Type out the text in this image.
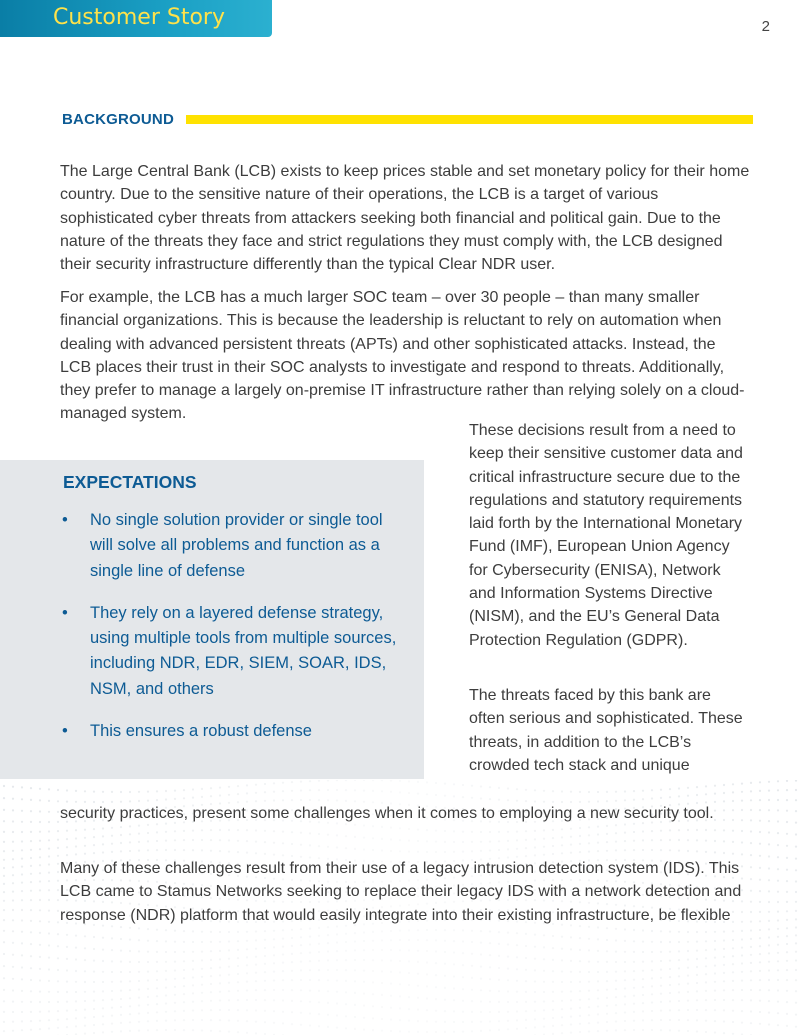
Customer Story	2
BACKGROUND

The Large Central Bank (LCB) exists to keep prices stable and set monetary policy for their home country. Due to the sensitive nature of their operations, the LCB is a target of various sophisticated cyber threats from attackers seeking both financial and political gain. Due to the nature of the threats they face and strict regulations they must comply with, the LCB designed their security infrastructure differently than the typical Clear NDR user.

For example, the LCB has a much larger SOC team – over 30 people – than many smaller financial organizations. This is because the leadership is reluctant to rely on automation when dealing with advanced persistent threats (APTs) and other sophisticated attacks. Instead, the LCB places their trust in their SOC analysts to investigate and respond to threats. Additionally, they prefer to manage a largely on-premise IT infrastructure rather than relying solely on a cloud-managed system.

EXPECTATIONS
• No single solution provider or single tool will solve all problems and function as a single line of defense
• They rely on a layered defense strategy, using multiple tools from multiple sources, including NDR, EDR, SIEM, SOAR, IDS, NSM, and others
• This ensures a robust defense

These decisions result from a need to keep their sensitive customer data and critical infrastructure secure due to the regulations and statutory requirements laid forth by the International Monetary Fund (IMF), European Union Agency for Cybersecurity (ENISA), Network and Information Systems Directive (NISM), and the EU’s General Data Protection Regulation (GDPR).

The threats faced by this bank are often serious and sophisticated. These threats, in addition to the LCB’s crowded tech stack and unique

security practices, present some challenges when it comes to employing a new security tool.

Many of these challenges result from their use of a legacy intrusion detection system (IDS). This LCB came to Stamus Networks seeking to replace their legacy IDS with a network detection and response (NDR) platform that would easily integrate into their existing infrastructure, be flexible
